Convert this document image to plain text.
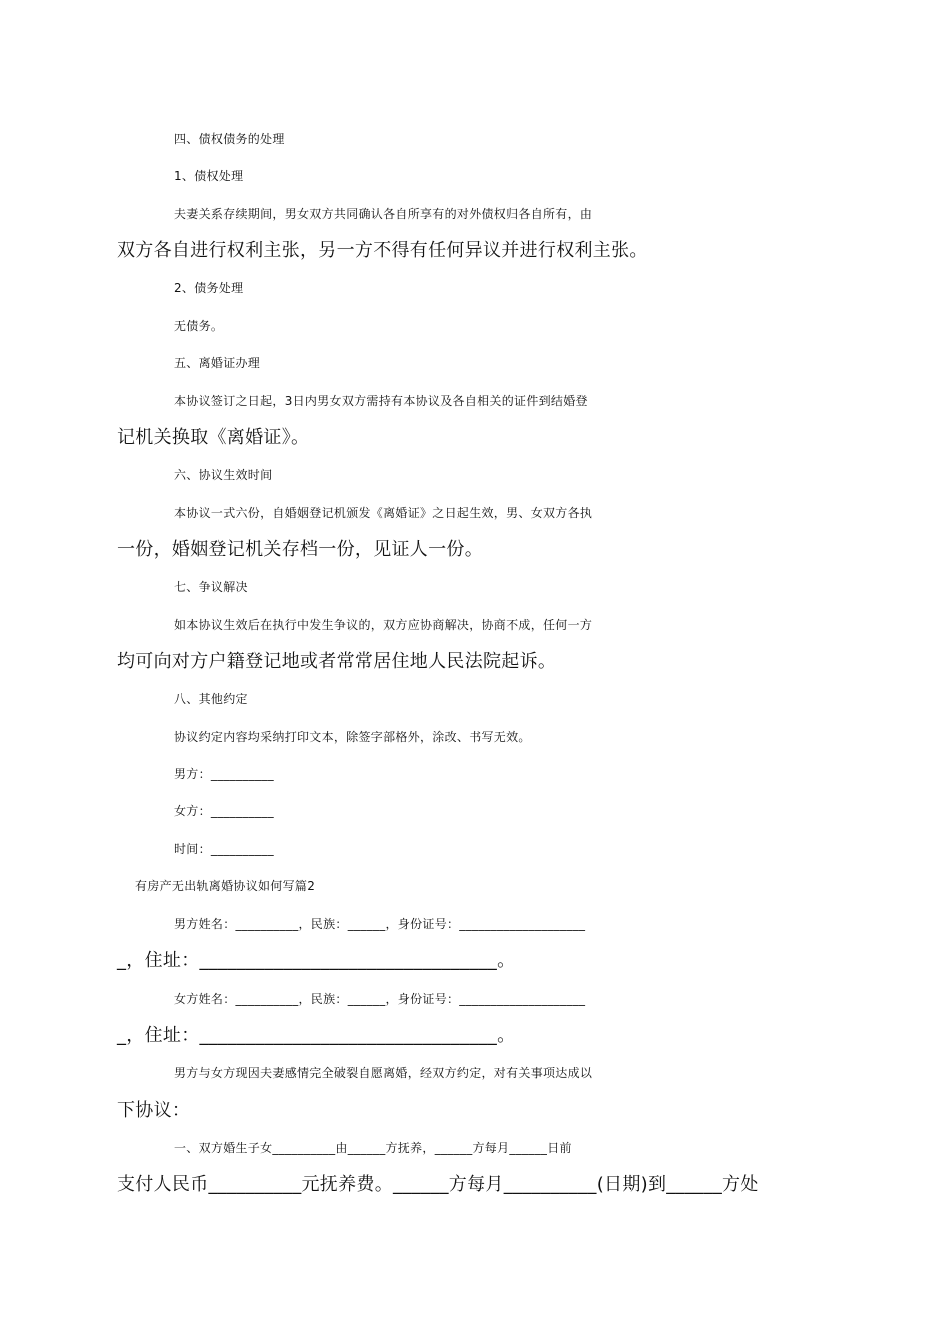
四、债权债务的处理
1、债权处理
夫妻关系存续期间，男女双方共同确认各自所享有的对外债权归各自所有，由
双方各自进行权利主张，另一方不得有任何异议并进行权利主张。
2、债务处理
无债务。
五、离婚证办理
本协议签订之日起，3日内男女双方需持有本协议及各自相关的证件到结婚登
记机关换取《离婚证》。
六、协议生效时间
本协议一式六份，自婚姻登记机颁发《离婚证》之日起生效，男、女双方各执
一份，婚姻登记机关存档一份，见证人一份。
七、争议解决
如本协议生效后在执行中发生争议的，双方应协商解决，协商不成，任何一方
均可向对方户籍登记地或者常常居住地人民法院起诉。
八、其他约定
协议约定内容均采纳打印文本，除签字部格外，涂改、书写无效。
男方：__________
女方：__________
时间：__________
有房产无出轨离婚协议如何写篇2
男方姓名：__________，民族：______，身份证号：____________________
_，住址：________________________________。
女方姓名：__________，民族：______，身份证号：____________________
_，住址：________________________________。
男方与女方现因夫妻感情完全破裂自愿离婚，经双方约定，对有关事项达成以
下协议：
一、双方婚生子女__________由______方抚养，______方每月______日前
支付人民币__________元抚养费。______方每月__________(日期)到______方处
